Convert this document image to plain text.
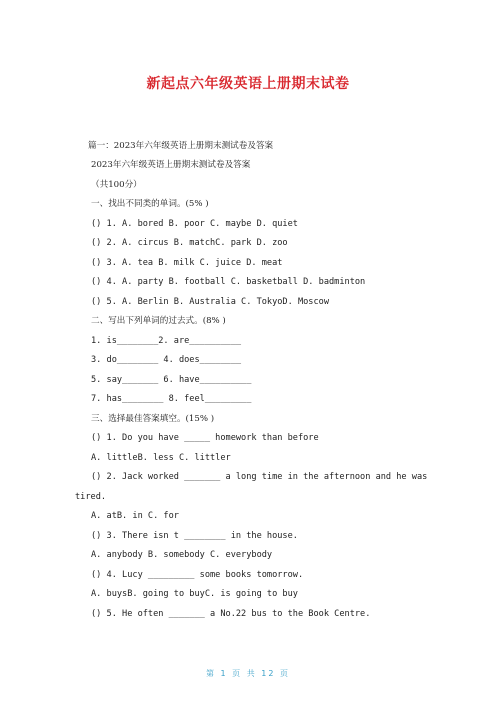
新起点六年级英语上册期末试卷
篇一：2023年六年级英语上册期末测试卷及答案
2023年六年级英语上册期末测试卷及答案
（共100分）
一、找出不同类的单词。(5% )
() 1. A. bored B. poor C. maybe D. quiet
() 2. A. circus B. matchC. park D. zoo
() 3. A. tea B. milk C. juice D. meat
() 4. A. party B. football C. basketball D. badminton
() 5. A. Berlin B. Australia C. TokyoD. Moscow
二、写出下列单词的过去式。(8% )
1. is________2. are__________
3. do________ 4. does________
5. say_______ 6. have__________
7. has________ 8. feel_________
三、选择最佳答案填空。(15% )
() 1. Do you have _____ homework than before
A. littleB. less C. littler
() 2. Jack worked _______ a long time in the afternoon and he was
tired.
A. atB. in C. for
() 3. There isn t ________ in the house.
A. anybody B. somebody C. everybody
() 4. Lucy _________ some books tomorrow.
A. buysB. going to buyC. is going to buy
() 5. He often _______ a No.22 bus to the Book Centre.
第 1 页 共 12 页
